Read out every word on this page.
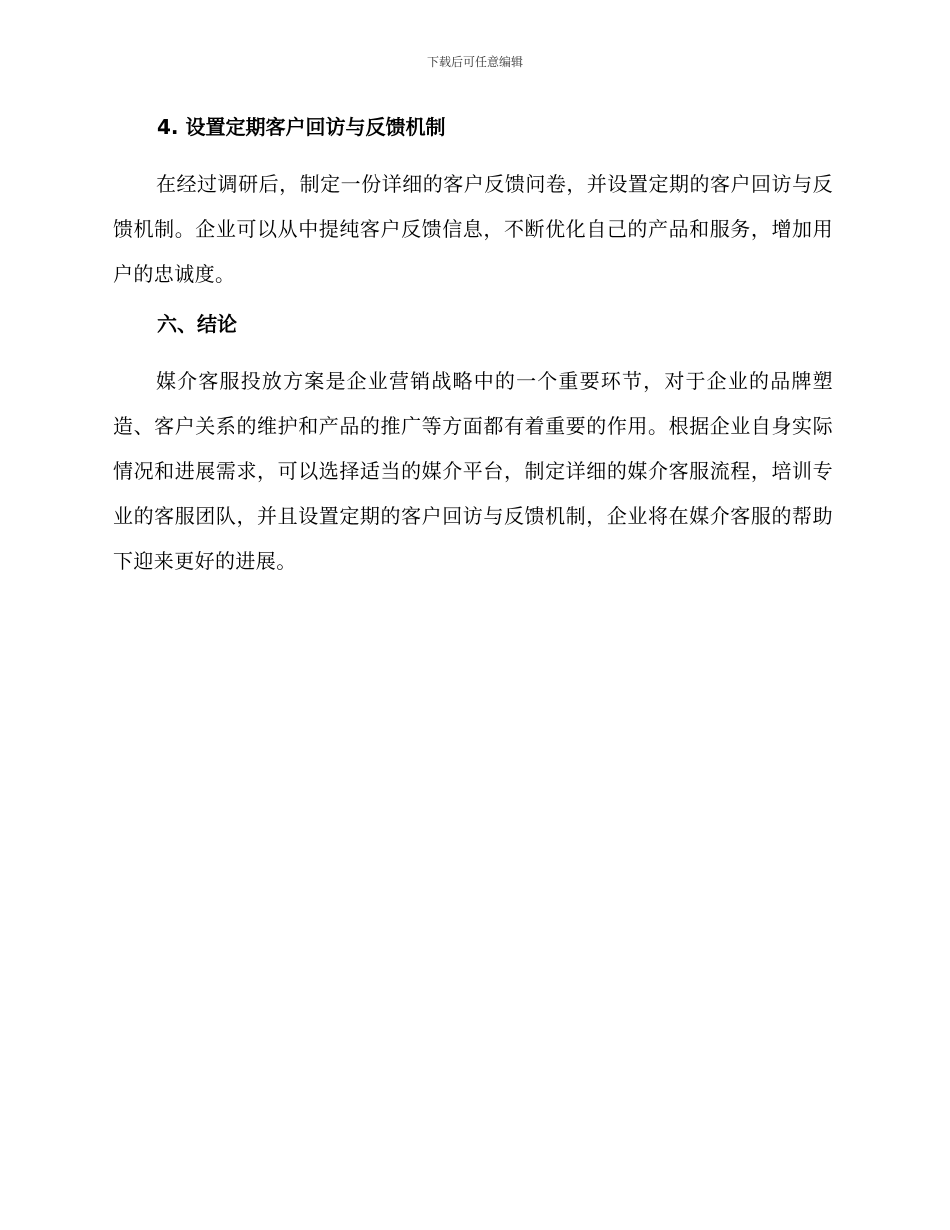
下载后可任意编辑
4. 设置定期客户回访与反馈机制

在经过调研后，制定一份详细的客户反馈问卷，并设置定期的客户回访与反馈机制。企业可以从中提纯客户反馈信息，不断优化自己的产品和服务，增加用户的忠诚度。

六、结论

媒介客服投放方案是企业营销战略中的一个重要环节，对于企业的品牌塑造、客户关系的维护和产品的推广等方面都有着重要的作用。根据企业自身实际情况和进展需求，可以选择适当的媒介平台，制定详细的媒介客服流程，培训专业的客服团队，并且设置定期的客户回访与反馈机制，企业将在媒介客服的帮助下迎来更好的进展。
